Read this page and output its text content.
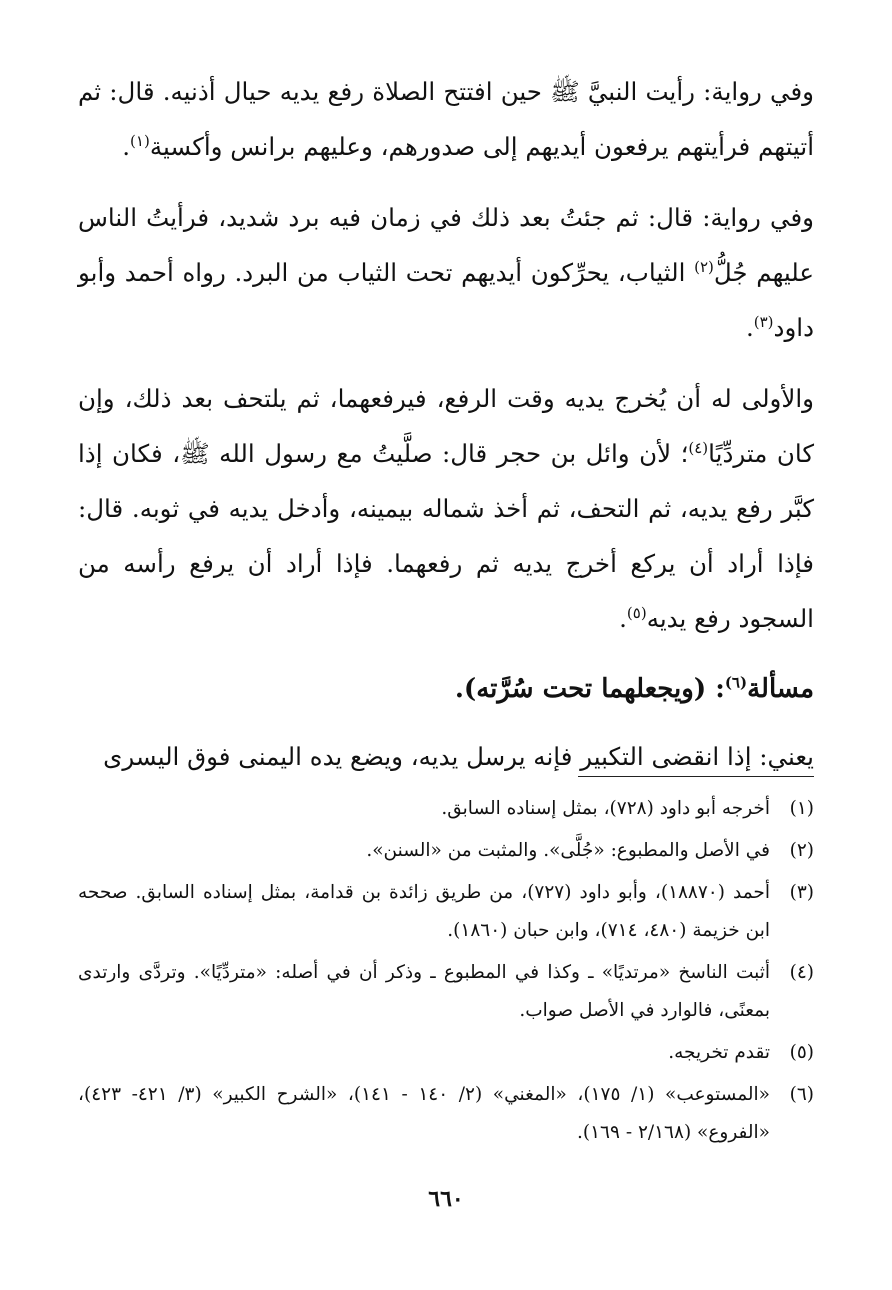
وفي رواية: رأيت النبيَّ ﷺ حين افتتح الصلاة رفع يديه حيال أذنيه. قال: ثم أتيتهم فرأيتهم يرفعون أيديهم إلى صدورهم، وعليهم برانس وأكسية$^{(١)}$.

وفي رواية: قال: ثم جئتُ بعد ذلك في زمان فيه برد شديد، فرأيتُ الناس عليهم جُلُّ$^{(٢)}$ الثياب، يحرِّكون أيديهم تحت الثياب من البرد. رواه أحمد وأبو داود$^{(٣)}$.

والأولى له أن يُخرج يديه وقت الرفع، فيرفعهما، ثم يلتحف بعد ذلك، وإن كان متردِّيًا$^{(٤)}$؛ لأن وائل بن حجر قال: صلَّيتُ مع رسول الله ﷺ، فكان إذا كبَّر رفع يديه، ثم التحف، ثم أخذ شماله بيمينه، وأدخل يديه في ثوبه. قال: فإذا أراد أن يركع أخرج يديه ثم رفعهما. فإذا أراد أن يرفع رأسه من السجود رفع يديه$^{(٥)}$.

مسألة$^{(٦)}$: (ويجعلهما تحت سُرَّته).

يعني: إذا انقضى التكبير فإنه يرسل يديه، ويضع يده اليمنى فوق اليسرى

(١)
أخرجه أبو داود (٧٢٨)، بمثل إسناده السابق.
(٢)
في الأصل والمطبوع: «جُلَّى». والمثبت من «السنن».
(٣)
أحمد (١٨٨٧٠)، وأبو داود (٧٢٧)، من طريق زائدة بن قدامة، بمثل إسناده السابق. صححه ابن خزيمة (٤٨٠، ٧١٤)، وابن حبان (١٨٦٠).
(٤)
أثبت الناسخ «مرتديًا» ـ وكذا في المطبوع ـ وذكر أن في أصله: «متردِّيًا». وتردَّى وارتدى بمعنًى، فالوارد في الأصل صواب.
(٥)
تقدم تخريجه.
(٦)
«المستوعب» (١/ ١٧٥)، «المغني» (٢/ ١٤٠ - ١٤١)، «الشرح الكبير» (٣/ ٤٢١- ٤٢٣)، «الفروع» (٢/١٦٨ - ١٦٩).
٦٦٠
